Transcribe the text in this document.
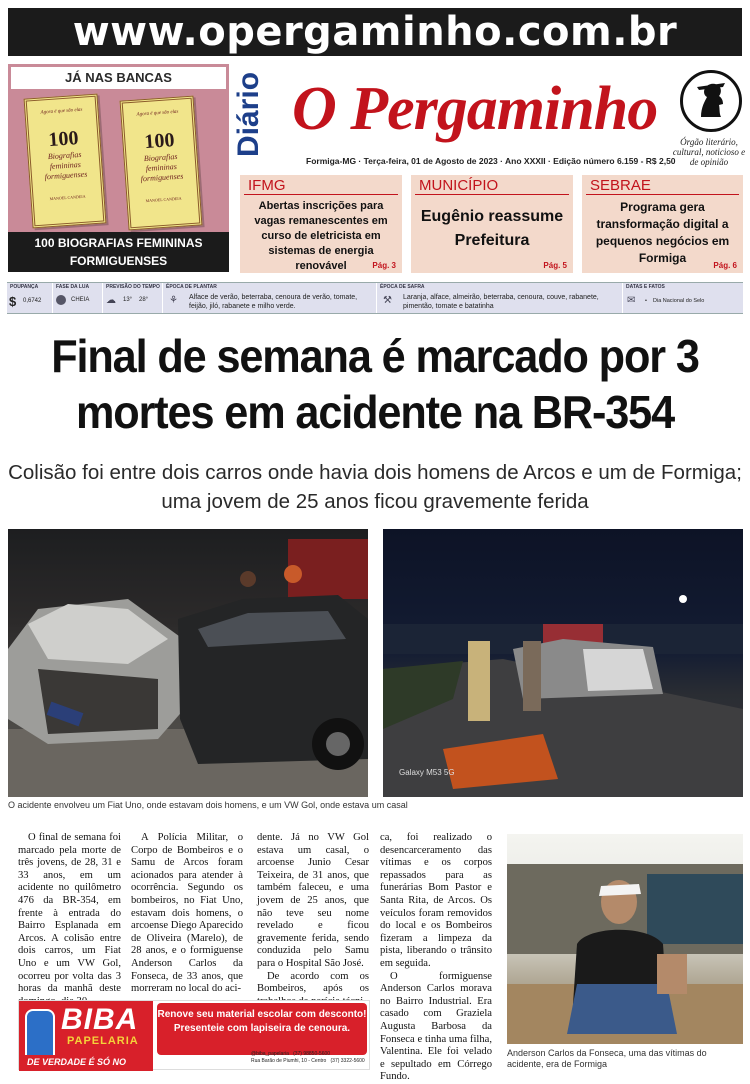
www.opergaminho.com.br
JÁ NAS BANCAS
Agora é que são elas
100
Biografias
femininas
formiguenses
MANOEL CANDEIA
Agora é que são elas
100
Biografias
femininas
formiguenses
MANOEL CANDEIA
100 BIOGRAFIAS FEMININAS FORMIGUENSES
Diário O Pergaminho
Formiga-MG · Terça-feira, 01 de Agosto de 2023 · Ano XXXII · Edição número 6.159 - R$ 2,50
Órgão literário, cultural, noticioso e de opinião
IFMG
Abertas inscrições para vagas remanescentes em curso de eletricista em sistemas de energia renovável	Pág. 3
MUNICÍPIO
Eugênio reassume Prefeitura
Pág. 5
SEBRAE
Programa gera transformação digital a pequenos negócios em Formiga
Pág. 6
POUPANÇA
$ 0,6742
FASE DA LUA
CHEIA
PREVISÃO DO TEMPO
☁ 13° 28°
ÉPOCA DE PLANTAR
⚘ Alface de verão, beterraba, cenoura de verão, tomate, feijão, jiló, rabanete e milho verde.
ÉPOCA DE SAFRA
⚒ Laranja, alface, almeirão, beterraba, cenoura, couve, rabanete, pimentão, tomate e batatinha
DATAS E FATOS
✉ • Dia Nacional do Selo
Final de semana é marcado por 3 mortes em acidente na BR-354
Colisão foi entre dois carros onde havia dois homens de Arcos e um de Formiga; uma jovem de 25 anos ficou gravemente ferida
Galaxy M53 5G
O acidente envolveu um Fiat Uno, onde estavam dois homens, e um VW Gol, onde estava um casal

O final de semana foi marcado pela morte de três jovens, de 28, 31 e 33 anos, em um acidente no quilômetro 476 da BR-354, em frente à entrada do Bairro Esplanada em Arcos. A colisão entre dois carros, um Fiat Uno e um VW Gol, ocorreu por volta das 3 horas da manhã deste

A Polícia Militar, o Corpo de Bombeiros e o Samu de Arcos foram acionados para atender à ocorrência. Segundo os bombeiros, no Fiat Uno, estavam dois homens, o arcoense Diego Aparecido de Oliveira (Marelo), de 28 anos, e o formiguense Anderson Carlos da Fonseca, de 33 anos, que morreram no local do aci-

dente. Já no VW Gol estava um casal, o arcoense Junio Cesar Teixeira, de 31 anos, que também faleceu, e uma jovem de 25 anos, que não teve seu nome revelado e ficou gravemente ferida, sendo conduzida pelo Samu para o Hospital São José.

De acordo com os Bombeiros, após os

ca, foi realizado o desencarceramento das vítimas e os corpos repassados para as funerárias Bom Pastor e Santa Rita, de Arcos. Os veículos foram removidos do local e os Bombeiros fizeram a limpeza da pista, liberando o trânsito em seguida.

O formiguense Anderson Carlos morava no Bairro Industrial. Era casado com Graziela Augusta Barbosa da Fonseca e tinha uma filha, Valentina. Ele foi velado e sepultado em Córrego Fundo.

Anderson Carlos da Fonseca, uma das vítimas do acidente, era de Formiga
BIBA
PAPELARIA
Renove seu material escolar com desconto!
Presenteie com lapiseira de cenoura.
@biba_papelaria (37) 98850-5600
Rua Barão de Piumhi, 10 - Centro (37) 3322-5600
DE VERDADE É SÓ NO CENTRO!
